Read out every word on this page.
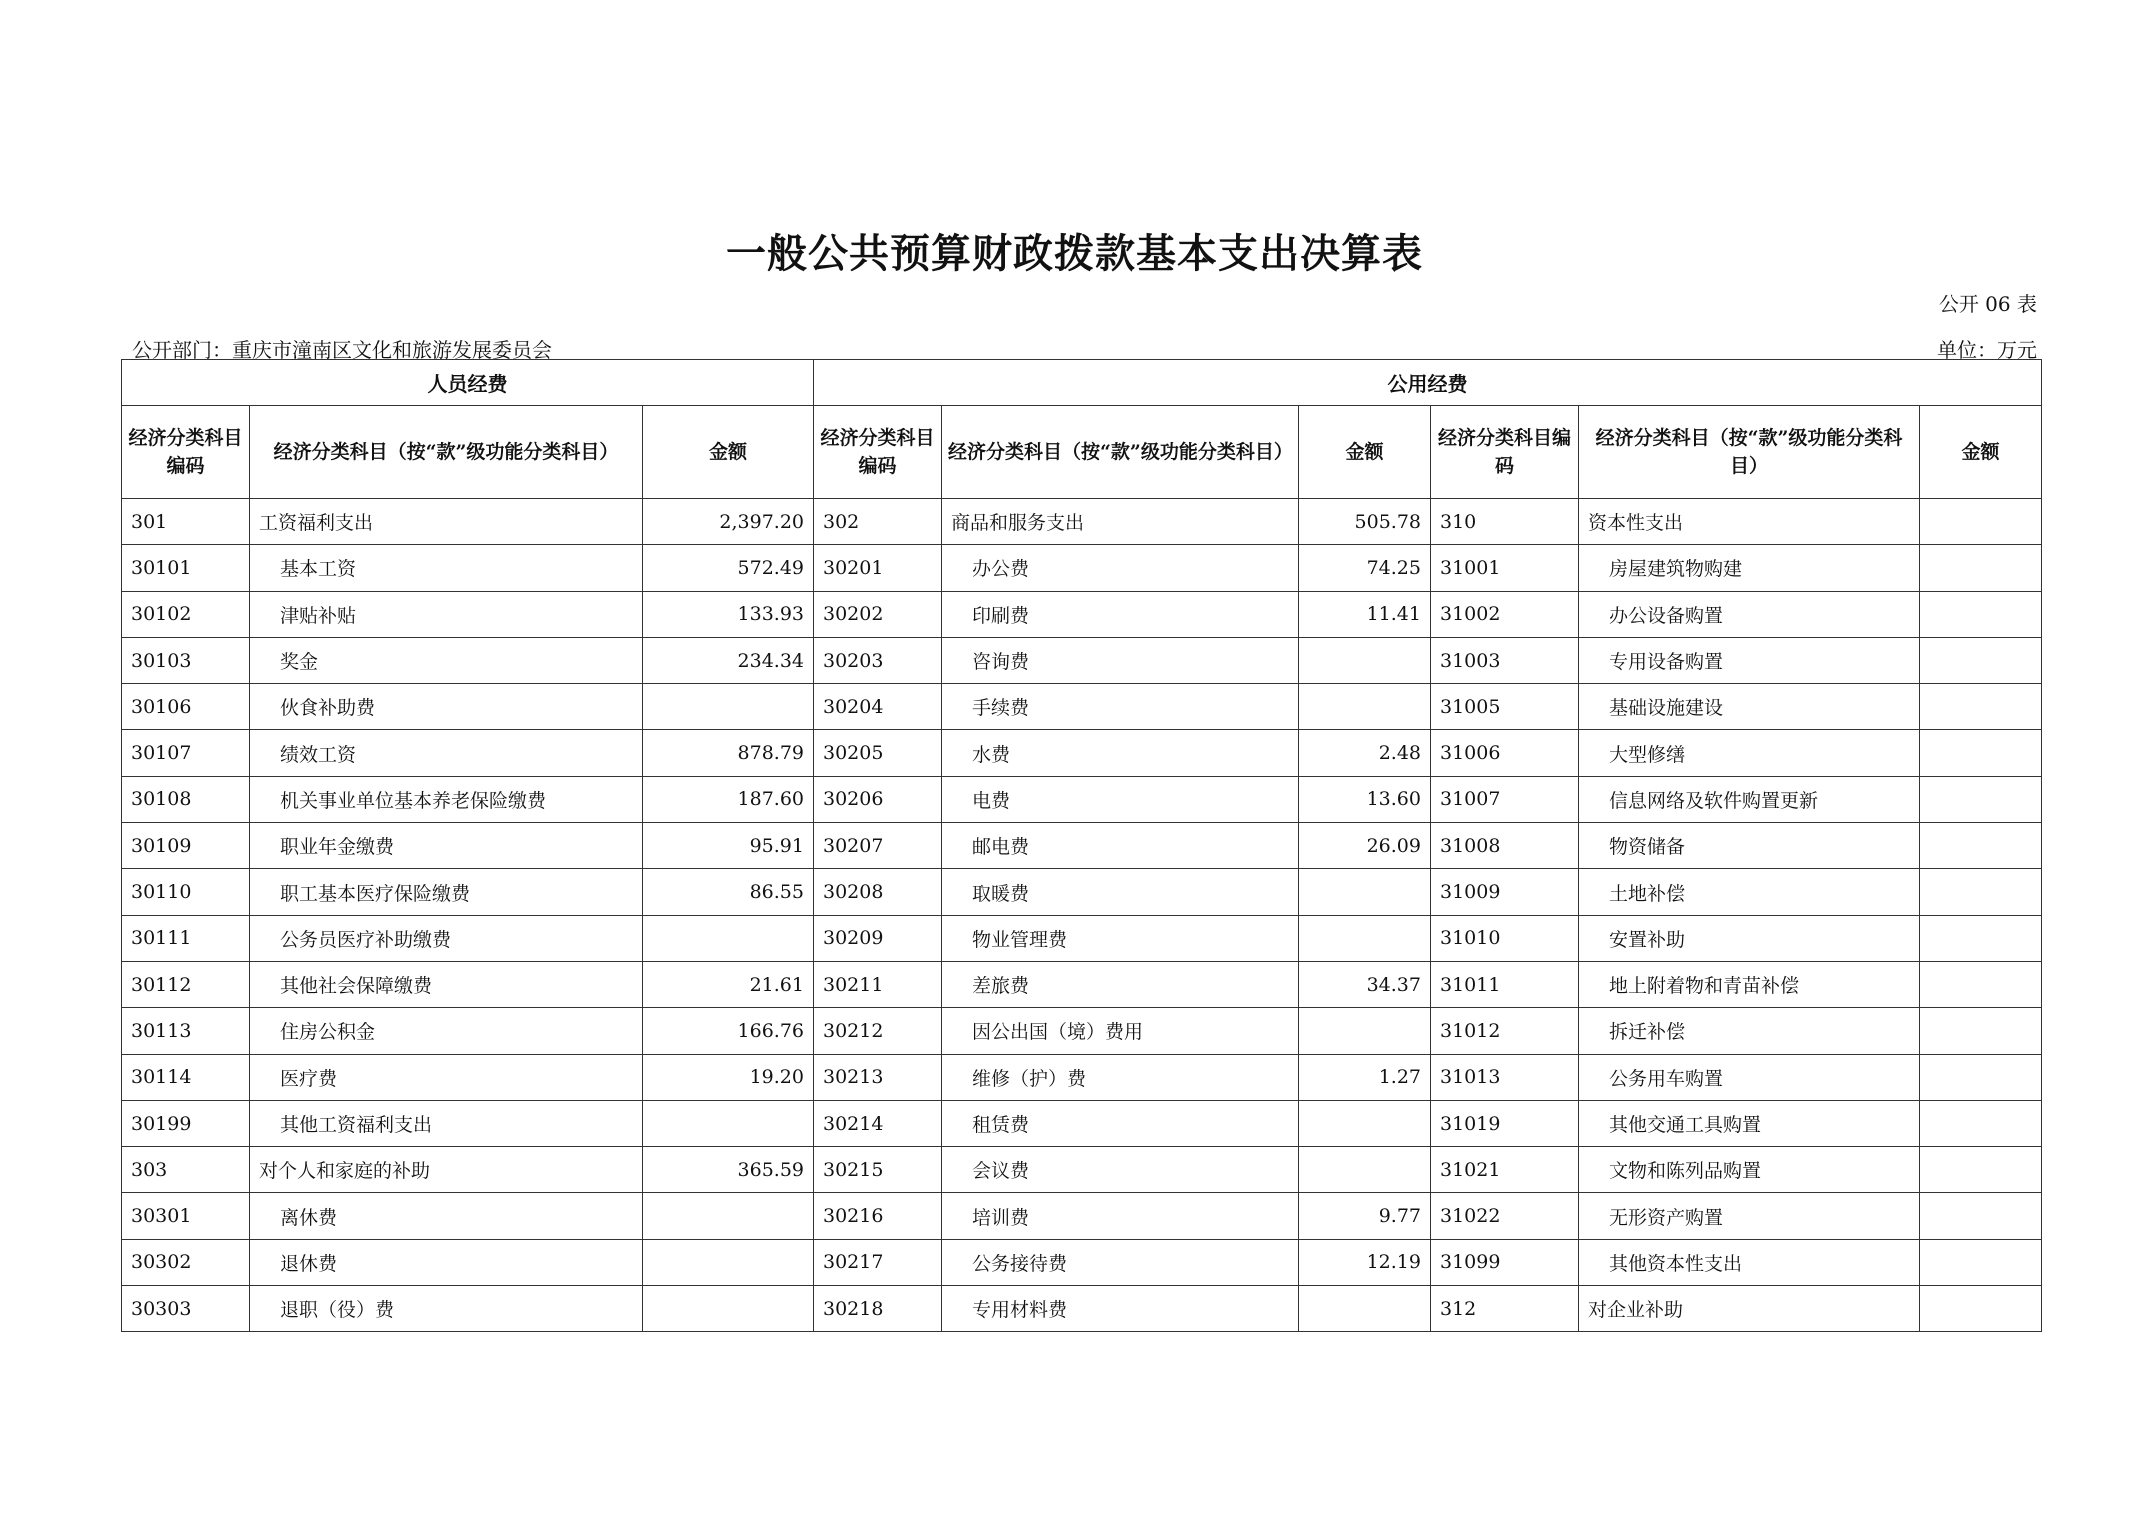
一般公共预算财政拨款基本支出决算表
公开 06 表
公开部门：重庆市潼南区文化和旅游发展委员会	单位：万元
人员经费			公用经费					
经济分类科目编码	经济分类科目（按“款”级功能分类科目）	金额	经济分类科目编码	经济分类科目（按“款”级功能分类科目）	金额	经济分类科目编码	经济分类科目（按“款”级功能分类科目）	金额
301	工资福利支出	2,397.20	302	商品和服务支出	505.78	310	资本性支出	
30101	基本工资	572.49	30201	办公费	74.25	31001	房屋建筑物购建	
30102	津贴补贴	133.93	30202	印刷费	11.41	31002	办公设备购置	
30103	奖金	234.34	30203	咨询费		31003	专用设备购置	
30106	伙食补助费		30204	手续费		31005	基础设施建设	
30107	绩效工资	878.79	30205	水费	2.48	31006	大型修缮	
30108	机关事业单位基本养老保险缴费	187.60	30206	电费	13.60	31007	信息网络及软件购置更新	
30109	职业年金缴费	95.91	30207	邮电费	26.09	31008	物资储备	
30110	职工基本医疗保险缴费	86.55	30208	取暖费		31009	土地补偿	
30111	公务员医疗补助缴费		30209	物业管理费		31010	安置补助	
30112	其他社会保障缴费	21.61	30211	差旅费	34.37	31011	地上附着物和青苗补偿	
30113	住房公积金	166.76	30212	因公出国（境）费用		31012	拆迁补偿	
30114	医疗费	19.20	30213	维修（护）费	1.27	31013	公务用车购置	
30199	其他工资福利支出		30214	租赁费		31019	其他交通工具购置	
303	对个人和家庭的补助	365.59	30215	会议费		31021	文物和陈列品购置	
30301	离休费		30216	培训费	9.77	31022	无形资产购置	
30302	退休费		30217	公务接待费	12.19	31099	其他资本性支出	
30303	退职（役）费		30218	专用材料费		312	对企业补助	
